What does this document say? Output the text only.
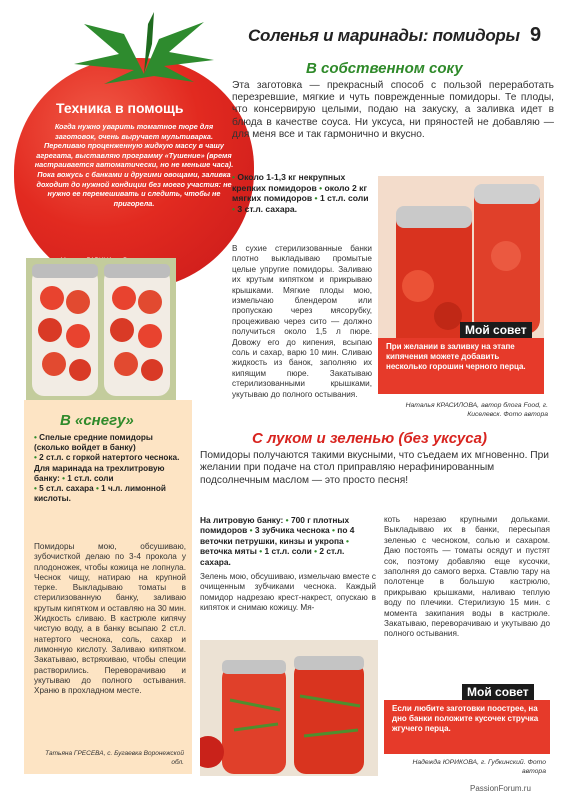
Соленья и маринады: помидоры 9
Техника в помощь
Когда нужно уварить томатное пюре для заготовок, очень выручает мультиварка. Переливаю проценженную жидкую массу в чашу агрегата, выставляю программу «Тушение» (время настраивается автоматически, но не меньше часа). Пока вожусь с банками и другими овощами, заливка доходит до нужной кондиции без моего участия: не нужно ее перемешивать и следить, чтобы не пригорела.
В собственном соку
Эта заготовка — прекрасный способ с пользой переработать перезревшие, мягкие и чуть поврежденные помидоры. Те плоды, что консервирую целыми, подаю на закуску, а заливка идет в блюда в качестве соуса. Ни уксуса, ни пряностей не добавляю — для меня все и так гармонично и вкусно.
• Около 1-1,3 кг некрупных крепких помидоров • около 2 кг мягких помидоров • 1 ст.л. соли • 3 ст.л. сахара.
В сухие стерилизованные банки плотно выкладываю промытые целые упругие помидоры. Заливаю их крутым кипятком и прикрываю крышками. Мягкие плоды мою, измельчаю блендером или пропускаю через мясорубку, процеживаю через сито — должно получиться около 1,5 л пюре. Довожу его до кипения, всыпаю соль и сахар, варю 10 мин. Сливаю жидкость из банок, заполняю их кипящим пюре. Закатываю стерилизованными крышками, укутываю до полного остывания.
Мой совет
При желании в заливку на этапе кипячения можете добавить несколько горошин черного перца.
Наталья КРАСИЛОВА, автор блога Food, г. Киселевск. Фото автора
В «снегу»
• Спелые средние помидоры (сколько войдет в банку)
• 2 ст.л. с горкой натертого чеснока.
Для маринада на трехлитровую банку: • 1 ст.л. соли
• 5 ст.л. сахара • 1 ч.л. лимонной кислоты.
Помидоры мою, обсушиваю, зубочисткой делаю по 3-4 прокола у плодоножек, чтобы кожица не лопнула. Чеснок чищу, натираю на крупной терке. Выкладываю томаты в стерилизованную банку, заливаю крутым кипятком и оставляю на 30 мин. Жидкость сливаю. В кастрюле кипячу чистую воду, а в банку всыпаю 2 ст.л. натертого чеснока, соль, сахар и лимонную кислоту. Заливаю кипятком. Закатываю, встряхиваю, чтобы специи растворились. Переворачиваю и укутываю до полного остывания. Храню в прохладном месте.
Татьяна ГРЕСЕВА, с. Бугаевка Воронежской обл.
С луком и зеленью (без уксуса)
Помидоры получаются такими вкусными, что съедаем их мгновенно. При желании при подаче на стол приправляю нерафинированным подсолнечным маслом — это просто песня!
На литровую банку: • 700 г плотных помидоров • 3 зубчика чеснока • по 4 веточки петрушки, кинзы и укропа • веточка мяты • 1 ст.л. соли • 2 ст.л. сахара.
Зелень мою, обсушиваю, измельчаю вместе с очищенным зубчиками чеснока. Каждый помидор надрезаю крест-накрест, опускаю в кипяток и снимаю кожицу. Мя-
коть нарезаю крупными дольками. Выкладываю их в банки, пересыпая зеленью с чесноком, солью и сахаром. Даю постоять — томаты осядут и пустят сок, поэтому добавляю еще кусочки, заполняя до самого верха. Ставлю тару на полотенце в большую кастрюлю, прикрываю крышками, наливаю теплую воду по плечики. Стерилизую 15 мин. с момента закипания воды в кастрюле. Закатываю, переворачиваю и укутываю до полного остывания.
Мой совет
Если любите заготовки поострее, на дно банки положите кусочек стручка жгучего перца.
Надежда ЮРИКОВА, г. Губкинский. Фото автора
PassionForum.ru
